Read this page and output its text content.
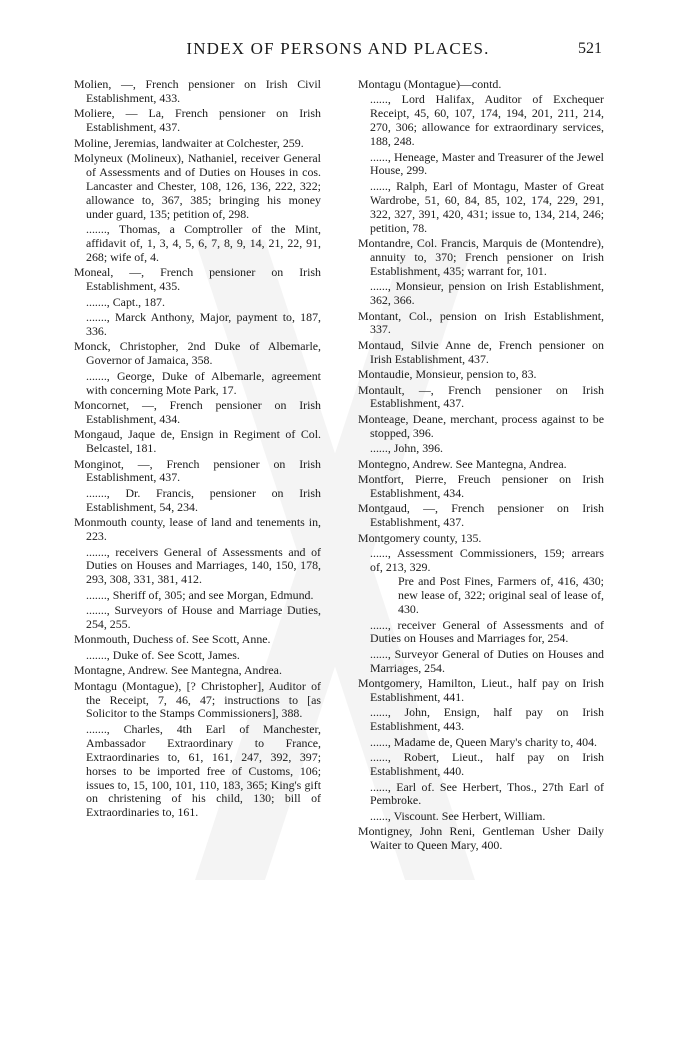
INDEX OF PERSONS AND PLACES.	521

Molien, —, French pensioner on Irish Civil Establishment, 433.

Moliere, — La, French pensioner on Irish Establishment, 437.

Moline, Jeremias, landwaiter at Colchester, 259.

Molyneux (Molineux), Nathaniel, receiver General of Assessments and of Duties on Houses in cos. Lancaster and Chester, 108, 126, 136, 222, 322; allowance to, 367, 385; bringing his money under guard, 135; petition of, 298.

......., Thomas, a Comptroller of the Mint, affidavit of, 1, 3, 4, 5, 6, 7, 8, 9, 14, 21, 22, 91, 268; wife of, 4.

Moneal, —, French pensioner on Irish Establishment, 435.

......., Capt., 187.

......., Marck Anthony, Major, payment to, 187, 336.

Monck, Christopher, 2nd Duke of Albemarle, Governor of Jamaica, 358.

......., George, Duke of Albemarle, agreement with concerning Mote Park, 17.

Moncornet, —, French pensioner on Irish Establishment, 434.

Mongaud, Jaque de, Ensign in Regiment of Col. Belcastel, 181.

Monginot, —, French pensioner on Irish Establishment, 437.

......., Dr. Francis, pensioner on Irish Establishment, 54, 234.

Monmouth county, lease of land and tenements in, 223.

......., receivers General of Assessments and of Duties on Houses and Marriages, 140, 150, 178, 293, 308, 331, 381, 412.

......., Sheriff of, 305; and see Morgan, Edmund.

......., Surveyors of House and Marriage Duties, 254, 255.

Monmouth, Duchess of. See Scott, Anne.

......., Duke of. See Scott, James.

Montagne, Andrew. See Mantegna, Andrea.

Montagu (Montague), [? Christopher], Auditor of the Receipt, 7, 46, 47; instructions to [as Solicitor to the Stamps Commissioners], 388.

......., Charles, 4th Earl of Manchester, Ambassador Extraordinary to France, Extraordinaries to, 61, 161, 247, 392, 397; horses to be imported free of Customs, 106; issues to, 15, 100, 101, 110, 183, 365; King's gift on christening of his child, 130; bill of Extraordinaries to, 161.

Montagu (Montague)—contd.

......, Lord Halifax, Auditor of Exchequer Receipt, 45, 60, 107, 174, 194, 201, 211, 214, 270, 306; allowance for extraordinary services, 188, 248.

......, Heneage, Master and Treasurer of the Jewel House, 299.

......, Ralph, Earl of Montagu, Master of Great Wardrobe, 51, 60, 84, 85, 102, 174, 229, 291, 322, 327, 391, 420, 431; issue to, 134, 214, 246; petition, 78.

Montandre, Col. Francis, Marquis de (Montendre), annuity to, 370; French pensioner on Irish Establishment, 435; warrant for, 101.

......, Monsieur, pension on Irish Establishment, 362, 366.

Montant, Col., pension on Irish Establishment, 337.

Montaud, Silvie Anne de, French pensioner on Irish Establishment, 437.

Montaudie, Monsieur, pension to, 83.

Montault, —, French pensioner on Irish Establishment, 437.

Monteage, Deane, merchant, process against to be stopped, 396.

......, John, 396.

Montegno, Andrew. See Mantegna, Andrea.

Montfort, Pierre, Freuch pensioner on Irish Establishment, 434.

Montgaud, —, French pensioner on Irish Establishment, 437.

Montgomery county, 135.

......, Assessment Commissioners, 159; arrears of, 213, 329.

Pre and Post Fines, Farmers of, 416, 430; new lease of, 322; original seal of lease of, 430.

......, receiver General of Assessments and of Duties on Houses and Marriages for, 254.

......, Surveyor General of Duties on Houses and Marriages, 254.

Montgomery, Hamilton, Lieut., half pay on Irish Establishment, 441.

......, John, Ensign, half pay on Irish Establishment, 443.

......, Madame de, Queen Mary's charity to, 404.

......, Robert, Lieut., half pay on Irish Establishment, 440.

......, Earl of. See Herbert, Thos., 27th Earl of Pembroke.

......, Viscount. See Herbert, William.

Montigney, John Reni, Gentleman Usher Daily Waiter to Queen Mary, 400.
